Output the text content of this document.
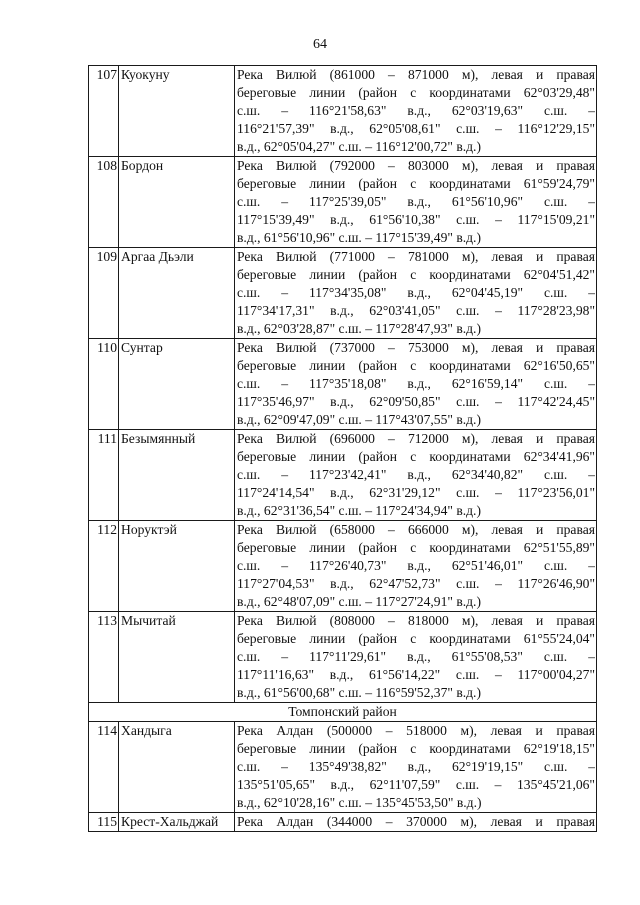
64
107	Куокуну	Река Вилюй (861000 – 871000 м), левая и правая
береговые линии (район с координатами 62°03'29,48"
с.ш. – 116°21'58,63" в.д., 62°03'19,63" с.ш. –
116°21'57,39" в.д., 62°05'08,61" с.ш. – 116°12'29,15"
в.д., 62°05'04,27" с.ш. – 116°12'00,72" в.д.)

108	Бордон	Река Вилюй (792000 – 803000 м), левая и правая
береговые линии (район с координатами 61°59'24,79"
с.ш. – 117°25'39,05" в.д., 61°56'10,96" с.ш. –
117°15'39,49" в.д., 61°56'10,38" с.ш. – 117°15'09,21"
в.д., 61°56'10,96" с.ш. – 117°15'39,49" в.д.)

109	Аргаа Дьэли	Река Вилюй (771000 – 781000 м), левая и правая
береговые линии (район с координатами 62°04'51,42"
с.ш. – 117°34'35,08" в.д., 62°04'45,19" с.ш. –
117°34'17,31" в.д., 62°03'41,05" с.ш. – 117°28'23,98"
в.д., 62°03'28,87" с.ш. – 117°28'47,93" в.д.)

110	Сунтар	Река Вилюй (737000 – 753000 м), левая и правая
береговые линии (район с координатами 62°16'50,65"
с.ш. – 117°35'18,08" в.д., 62°16'59,14" с.ш. –
117°35'46,97" в.д., 62°09'50,85" с.ш. – 117°42'24,45"
в.д., 62°09'47,09" с.ш. – 117°43'07,55" в.д.)

111	Безымянный	Река Вилюй (696000 – 712000 м), левая и правая
береговые линии (район с координатами 62°34'41,96"
с.ш. – 117°23'42,41" в.д., 62°34'40,82" с.ш. –
117°24'14,54" в.д., 62°31'29,12" с.ш. – 117°23'56,01"
в.д., 62°31'36,54" с.ш. – 117°24'34,94" в.д.)

112	Норуктэй	Река Вилюй (658000 – 666000 м), левая и правая
береговые линии (район с координатами 62°51'55,89"
с.ш. – 117°26'40,73" в.д., 62°51'46,01" с.ш. –
117°27'04,53" в.д., 62°47'52,73" с.ш. – 117°26'46,90"
в.д., 62°48'07,09" с.ш. – 117°27'24,91" в.д.)

113	Мычитай	Река Вилюй (808000 – 818000 м), левая и правая
береговые линии (район с координатами 61°55'24,04"
с.ш. – 117°11'29,61" в.д., 61°55'08,53" с.ш. –
117°11'16,63" в.д., 61°56'14,22" с.ш. – 117°00'04,27"
в.д., 61°56'00,68" с.ш. – 116°59'52,37" в.д.)

Томпонский район		
114	Хандыга	Река Алдан (500000 – 518000 м), левая и правая
береговые линии (район с координатами 62°19'18,15"
с.ш. – 135°49'38,82" в.д., 62°19'19,15" с.ш. –
135°51'05,65" в.д., 62°11'07,59" с.ш. – 135°45'21,06"
в.д., 62°10'28,16" с.ш. – 135°45'53,50" в.д.)

115	Крест-Хальджай	Река Алдан (344000 – 370000 м), левая и правая
